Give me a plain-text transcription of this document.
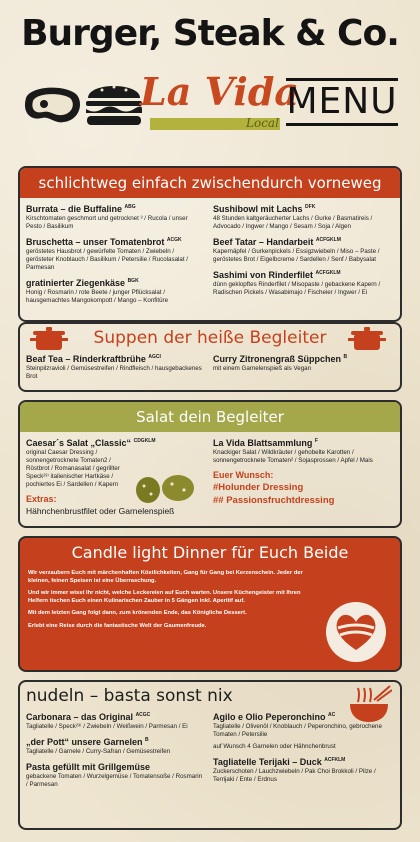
Burger, Steak & Co.
La Vida
Local
MENU
schlichtweg einfach zwischendurch vorneweg
Burrata – die Buffaline $^{ABG}$
Kirschtomaten geschmort und getrocknet ³ / Rucola / unser Pesto / Basilikum
Bruschetta – unser Tomatenbrot $^{ACGK}$
geröstetes Hausbrot / gewürfelte Tomaten / Zwiebeln / gerösteter Knoblauch / Basilikum / Petersilie / Rucolasalat / Parmesan
gratinierter Ziegenkäse $^{BGK}$
Honig / Rosmarin / rote Beete / junger Pflücksalat / hausgemachtes Mangokompott / Mango – Konfitüre
Sushibowl mit Lachs $^{DFK}$
48 Stunden kaltgeräucherter Lachs / Gurke / Basmatireis / Advocado / Ingwer / Mango / Sesam / Soja / Algen
Beef Tatar – Handarbeit $^{ACFGKLM}$
Kapernäpfel / Gurkenpickels / Essigzwiebeln / Miso – Paste / geröstetes Brot / Eigelbcreme / Sardellen / Senf / Babysalat
Sashimi von Rinderfilet $^{ACFGKLM}$
dünn geklopftes Rinderfilet / Misopaste / gebackene Kapern / Radischen Pickels / Wasabimajo / Fischeier / Ingwer / Ei
Suppen der heiße Begleiter
Beaf Tea – Rinderkraftbrühe $^{AGCI}$
Steinpilzravioli / Gemüsestreifen / Rindfleisch / hausgebackenes Brot
Curry Zitronengraß Süppchen $^B$
mit einem Garnelenspieß als Vegan
Salat dein Begleiter
Caesar´s Salat „Classic“ $^{CDGKLM}$
original Caesar Dressing / sonnengetrocknete Tomaten2 / Röstbrot / Romanasalat / gegrillter Speck²³⁾ italienischer Hartkäse / pochiertes Ei / Sardellen / Kapern
Extras:
Hähnchenbrustfilet oder Garnelenspieß
La Vida Blattsammlung $^F$
Knackiger Salat / Wildkräuter / gehobelte Karotten / sonnengetrocknete Tomaten² / Sojasprossen / Apfel / Mais
Euer Wunsch:
#Holunder Dressing
## Passionsfruchtdressing
Candle light Dinner für Euch Beide

Wir verzaubern Euch mit märchenhaften Köstlichkeiten, Gang für Gang bei Kerzenschein. Jeder der kleinen, feinen Speisen ist eine Überraschung.

Und wir immer wisst Ihr nicht, welche Leckereien auf Euch warten. Unsere Küchengeister mit Ihren Helfern tischen Euch einen Kulinarischen Zauber in 5 Gängen inkl. Aperitif auf.

Mit dem letzten Gang folgt dann, zum krönenden Ende, das Königliche Dessert.

Erlebt eine Reise durch die fantastische Welt der Gaumenfreude.

nudeln – basta sonst nix
Carbonara – das Original $^{ACGC}$
Tagliatelle / Speck²³⁾ / Zwiebeln / Weißwein / Parmesan / Ei
„der Pott“ unsere Garnelen $^B$
Tagliatelle / Garnele / Curry-Safran / Gemüsestreifen
Pasta gefüllt mit Grillgemüse
gebackene Tomaten / Wurzelgemüse / Tomatensoße / Rosmarin / Parmesan
Agilo e Olio Peperonchino $^{AC}$
Tagliatelle / Olivenöl / Knoblauch / Peperonchino, gebrochene Tomaten / Petersilie
auf Wunsch 4 Garnelen oder Hähnchenbrust
Tagliatelle Terijaki – Duck $^{ACFKLM}$
Zuckerschoten / Lauchzwiebeln / Pak Choi Brokkoli / Pilze / Terrijaki / Ente / Erdnus
